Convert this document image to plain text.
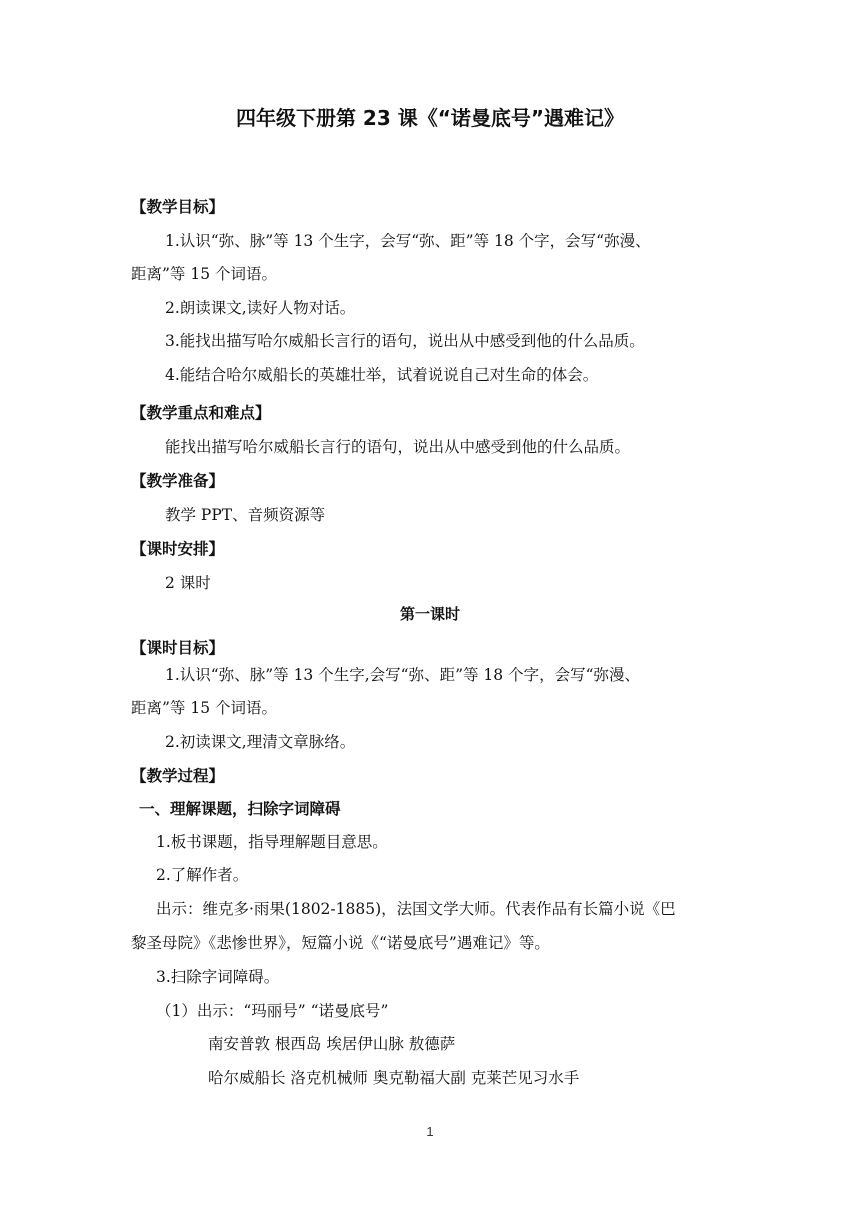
四年级下册第 23 课《“诺曼底号”遇难记》
【教学目标】
1.认识“弥、脉”等 13 个生字，会写“弥、距”等 18 个字，会写“弥漫、
距离”等 15 个词语。
2.朗读课文,读好人物对话。
3.能找出描写哈尔威船长言行的语句，说出从中感受到他的什么品质。
4.能结合哈尔威船长的英雄壮举，试着说说自己对生命的体会。
【教学重点和难点】
能找出描写哈尔威船长言行的语句，说出从中感受到他的什么品质。
【教学准备】
教学 PPT、音频资源等
【课时安排】
2 课时
第一课时
【课时目标】
1.认识“弥、脉”等 13 个生字,会写“弥、距”等 18 个字，会写“弥漫、
距离”等 15 个词语。
2.初读课文,理清文章脉络。
【教学过程】
一、理解课题，扫除字词障碍
1.板书课题，指导理解题目意思。
2.了解作者。
出示：维克多·雨果(1802-1885)，法国文学大师。代表作品有长篇小说《巴
黎圣母院》《悲惨世界》，短篇小说《“诺曼底号”遇难记》等。
3.扫除字词障碍。
（1）出示：“玛丽号” “诺曼底号”
南安普敦 根西岛 埃居伊山脉 敖德萨
哈尔威船长 洛克机械师 奥克勒福大副 克莱芒见习水手
1
